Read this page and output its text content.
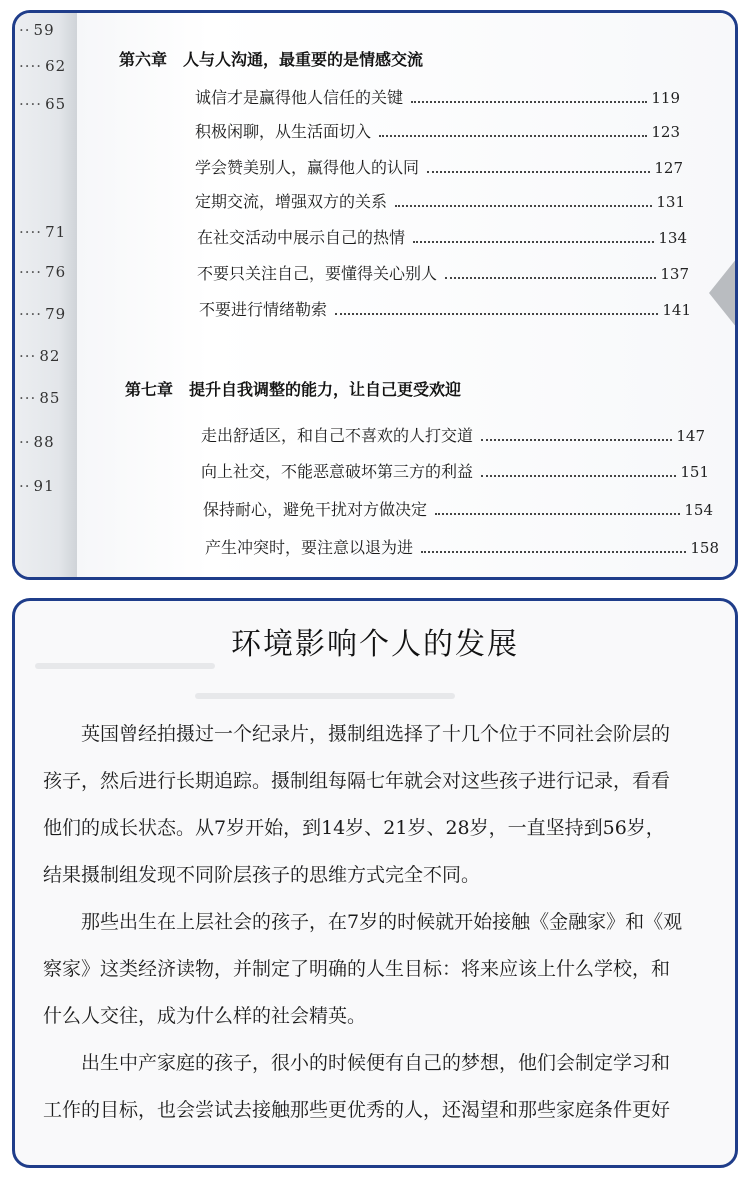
·· 59
···· 62
···· 65
···· 71
···· 76
···· 79
··· 82
··· 85
·· 88
·· 91
第六章 人与人沟通，最重要的是情感交流
诚信才是赢得他人信任的关键	119
积极闲聊，从生活面切入	123
学会赞美别人，赢得他人的认同	127
定期交流，增强双方的关系	131
在社交活动中展示自己的热情	134
不要只关注自己，要懂得关心别人	137
不要进行情绪勒索	141
第七章 提升自我调整的能力，让自己更受欢迎
走出舒适区，和自己不喜欢的人打交道	147
向上社交，不能恶意破坏第三方的利益	151
保持耐心，避免干扰对方做决定	154
产生冲突时，要注意以退为进	158
环境影响个人的发展
英国曾经拍摄过一个纪录片，摄制组选择了十几个位于不同社会阶层的
孩子，然后进行长期追踪。摄制组每隔七年就会对这些孩子进行记录，看看
他们的成长状态。从7岁开始，到14岁、21岁、28岁，一直坚持到56岁，
结果摄制组发现不同阶层孩子的思维方式完全不同。
那些出生在上层社会的孩子，在7岁的时候就开始接触《金融家》和《观
察家》这类经济读物，并制定了明确的人生目标：将来应该上什么学校，和
什么人交往，成为什么样的社会精英。
出生中产家庭的孩子，很小的时候便有自己的梦想，他们会制定学习和
工作的目标，也会尝试去接触那些更优秀的人，还渴望和那些家庭条件更好
